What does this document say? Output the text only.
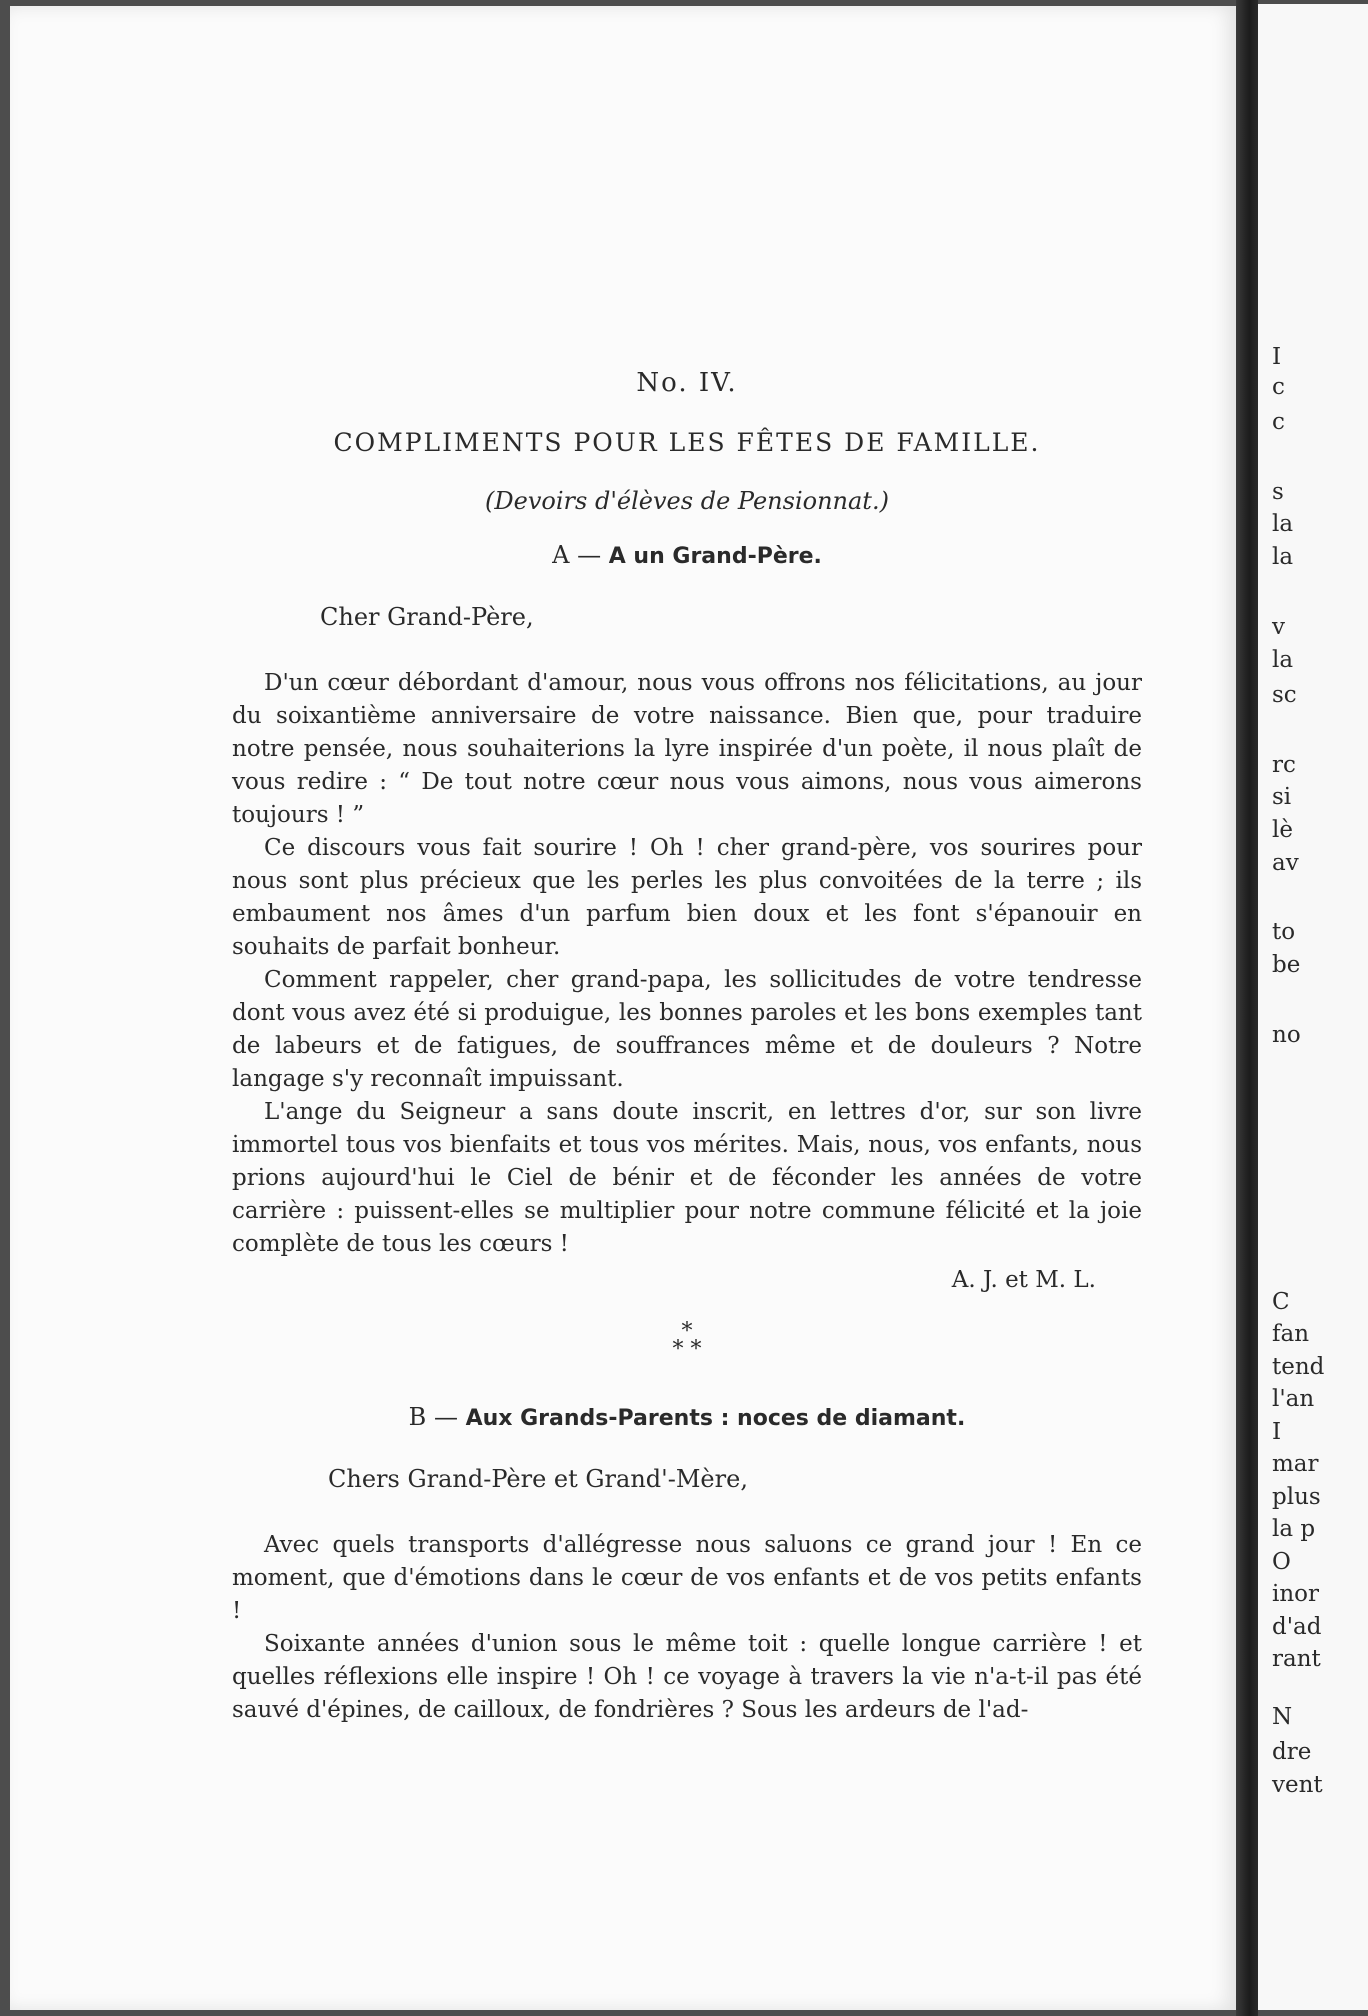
No. IV.
COMPLIMENTS POUR LES FÊTES DE FAMILLE.
(Devoirs d'élèves de Pensionnat.)
A — A un Grand-Père.
Cher Grand-Père,

D'un cœur débordant d'amour, nous vous offrons nos félicitations, au jour du soixantième anniversaire de votre naissance. Bien que, pour traduire notre pensée, nous souhaiterions la lyre inspirée d'un poète, il nous plaît de vous redire : “ De tout notre cœur nous vous aimons, nous vous aimerons toujours ! ”

Ce discours vous fait sourire ! Oh ! cher grand-père, vos sourires pour nous sont plus précieux que les perles les plus convoitées de la terre ; ils embaument nos âmes d'un parfum bien doux et les font s'épanouir en souhaits de parfait bonheur.

Comment rappeler, cher grand-papa, les sollicitudes de votre tendresse dont vous avez été si produigue, les bonnes paroles et les bons exemples tant de labeurs et de fatigues, de souffrances même et de douleurs ? Notre langage s'y reconnaît impuissant.

L'ange du Seigneur a sans doute inscrit, en lettres d'or, sur son livre immortel tous vos bienfaits et tous vos mérites. Mais, nous, vos enfants, nous prions aujourd'hui le Ciel de bénir et de féconder les années de votre carrière : puissent-elles se multiplier pour notre commune félicité et la joie complète de tous les cœurs !

A. J. et M. L.
*
* *
B — Aux Grands-Parents : noces de diamant.
Chers Grand-Père et Grand'-Mère,

Avec quels transports d'allégresse nous saluons ce grand jour ! En ce moment, que d'émotions dans le cœur de vos enfants et de vos petits enfants !

Soixante années d'union sous le même toit : quelle longue carrière ! et quelles réflexions elle inspire ! Oh ! ce voyage à travers la vie n'a-t-il pas été sauvé d'épines, de cailloux, de fondrières ? Sous les ardeurs de l'ad-

I
c
c
s
la
la
v
la
sc
rc
si
lè
av
to
be
no
C
fan
tend
l'an
I
mar
plus
la p
O
inor
d'ad
rant
N
dre
vent
